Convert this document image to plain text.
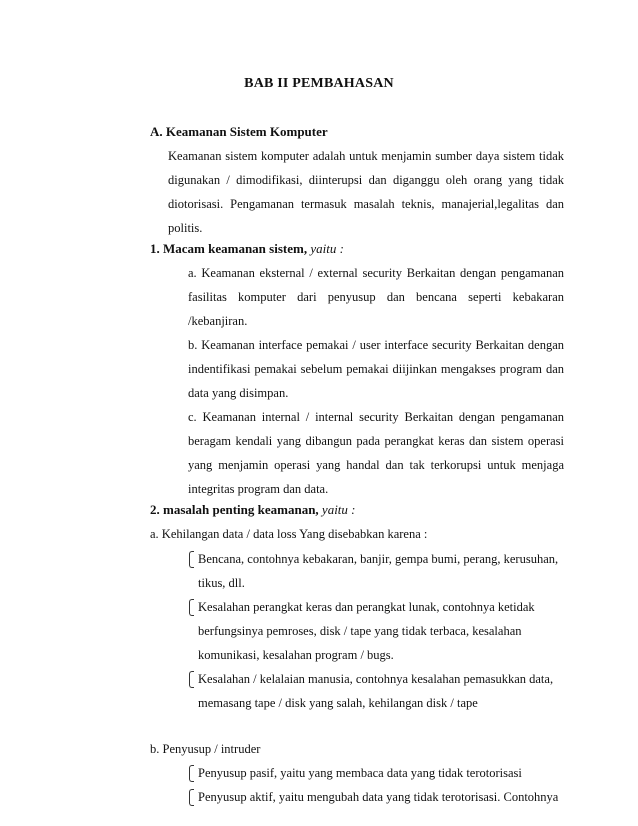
BAB II PEMBAHASAN
A. Keamanan Sistem Komputer
Keamanan sistem komputer adalah untuk menjamin sumber daya sistem tidak
digunakan / dimodifikasi, diinterupsi dan diganggu oleh orang yang tidak
diotorisasi. Pengamanan termasuk masalah teknis, manajerial,legalitas dan
politis.
1. Macam keamanan sistem, yaitu :
a. Keamanan eksternal / external security Berkaitan dengan pengamanan
fasilitas komputer dari penyusup dan bencana seperti kebakaran
/kebanjiran.
b. Keamanan interface pemakai / user interface security Berkaitan dengan
indentifikasi pemakai sebelum pemakai diijinkan mengakses program dan
data yang disimpan.
c. Keamanan internal / internal security Berkaitan dengan pengamanan
beragam kendali yang dibangun pada perangkat keras dan sistem operasi
yang menjamin operasi yang handal dan tak terkorupsi untuk menjaga
integritas program dan data.
2. masalah penting keamanan, yaitu :
a. Kehilangan data / data loss Yang disebabkan karena :
Bencana, contohnya kebakaran, banjir, gempa bumi, perang, kerusuhan,
tikus, dll.
Kesalahan perangkat keras dan perangkat lunak, contohnya ketidak
berfungsinya pemroses, disk / tape yang tidak terbaca, kesalahan
komunikasi, kesalahan program / bugs.
Kesalahan / kelalaian manusia, contohnya kesalahan pemasukkan data,
memasang tape / disk yang salah, kehilangan disk / tape
b. Penyusup / intruder
Penyusup pasif, yaitu yang membaca data yang tidak terotorisasi
Penyusup aktif, yaitu mengubah data yang tidak terotorisasi. Contohnya
